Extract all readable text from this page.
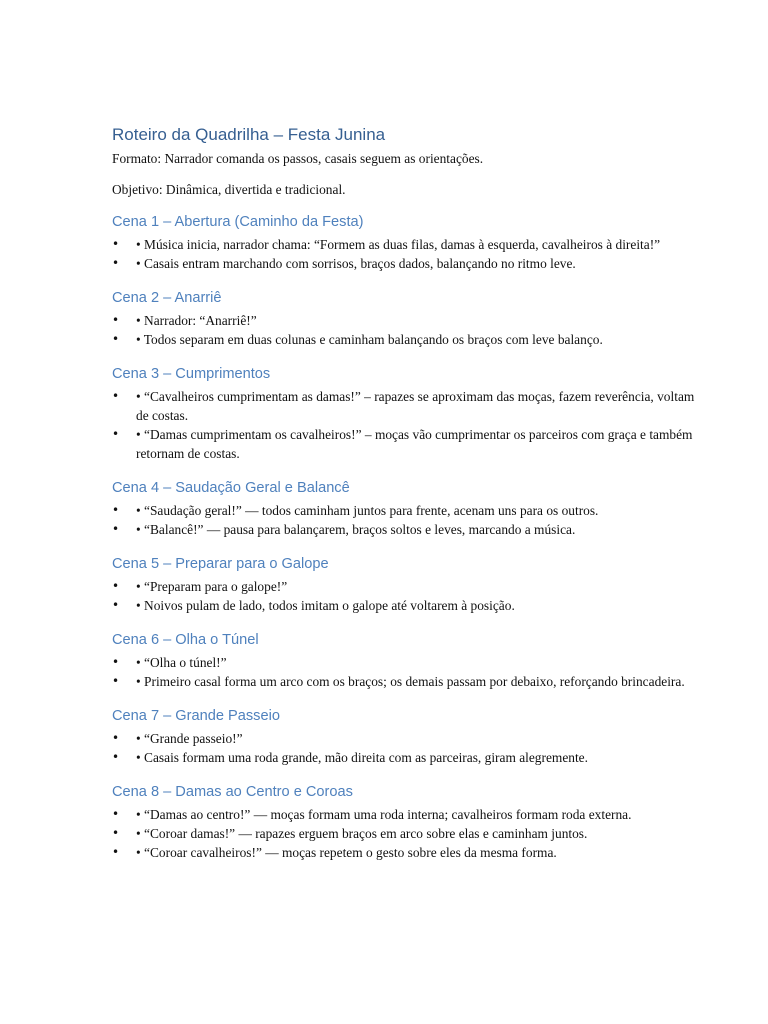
Roteiro da Quadrilha – Festa Junina

Formato: Narrador comanda os passos, casais seguem as orientações.

Objetivo: Dinâmica, divertida e tradicional.

Cena 1 – Abertura (Caminho da Festa)
• • Música inicia, narrador chama: “Formem as duas filas, damas à esquerda, cavalheiros à direita!”
• • Casais entram marchando com sorrisos, braços dados, balançando no ritmo leve.
Cena 2 – Anarriê
• • Narrador: “Anarriê!”
• • Todos separam em duas colunas e caminham balançando os braços com leve balanço.
Cena 3 – Cumprimentos
• • “Cavalheiros cumprimentam as damas!” – rapazes se aproximam das moças, fazem reverência, voltam de costas.
• • “Damas cumprimentam os cavalheiros!” – moças vão cumprimentar os parceiros com graça e também retornam de costas.
Cena 4 – Saudação Geral e Balancê
• • “Saudação geral!” — todos caminham juntos para frente, acenam uns para os outros.
• • “Balancê!” — pausa para balançarem, braços soltos e leves, marcando a música.
Cena 5 – Preparar para o Galope
• • “Preparam para o galope!”
• • Noivos pulam de lado, todos imitam o galope até voltarem à posição.
Cena 6 – Olha o Túnel
• • “Olha o túnel!”
• • Primeiro casal forma um arco com os braços; os demais passam por debaixo, reforçando brincadeira.
Cena 7 – Grande Passeio
• • “Grande passeio!”
• • Casais formam uma roda grande, mão direita com as parceiras, giram alegremente.
Cena 8 – Damas ao Centro e Coroas
• • “Damas ao centro!” — moças formam uma roda interna; cavalheiros formam roda externa.
• • “Coroar damas!” — rapazes erguem braços em arco sobre elas e caminham juntos.
• • “Coroar cavalheiros!” — moças repetem o gesto sobre eles da mesma forma.
